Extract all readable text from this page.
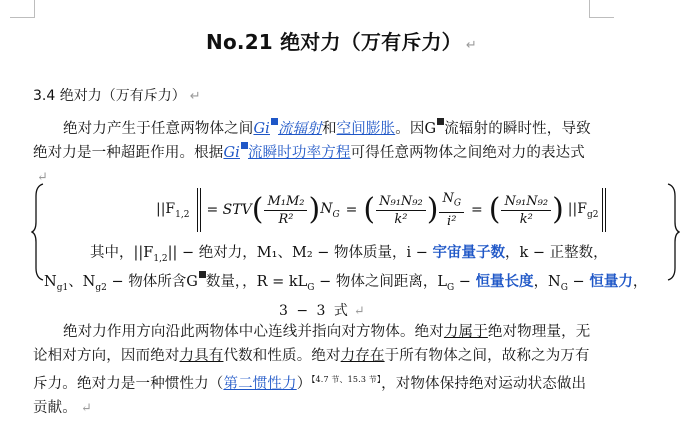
No.21 绝对力（万有斥力） ↵
3.4 绝对力（万有斥力） ↵
绝对力产生于任意两物体之间Gi 流辐射和空间膨胀。因G 流辐射的瞬时性，导致绝对力是一种超距作用。根据Gi 流瞬时功率方程可得任意两物体之间绝对力的表达式↵
$||F_{1,2}$ = STV ( $\frac{\text{M₁M₂}}{\text{R²}}$ ) $N_G$ = ( $\frac{\text{N₉₁N₉₂}}{\text{k²}}$ ) $\frac{N_G}{\text{i²}}$ = ( $\frac{\text{N₉₁N₉₂}}{\text{k²}}$ ) $||F_{g2}$
其中，$||F_{1,2}||$ − 绝对力，M₁、M₂ − 物体质量，i − 宇宙量子数，k − 正整数，
$N_{g1}$、$N_{g2}$ − 物体所含G 数量，，$R = kL_G$ − 物体之间距离，$L_G$ − 恒量长度，$N_G$ − 恒量力，
3 − 3 式 ↵
绝对力作用方向沿此两物体中心连线并指向对方物体。绝对力属于绝对物理量，无论相对方向，因而绝对力具有代数和性质。绝对力存在于所有物体之间，故称之为万有斥力。绝对力是一种惯性力（第二惯性力）$^{【4.7 节、15.3 节】}$，对物体保持绝对运动状态做出贡献。 ↵
